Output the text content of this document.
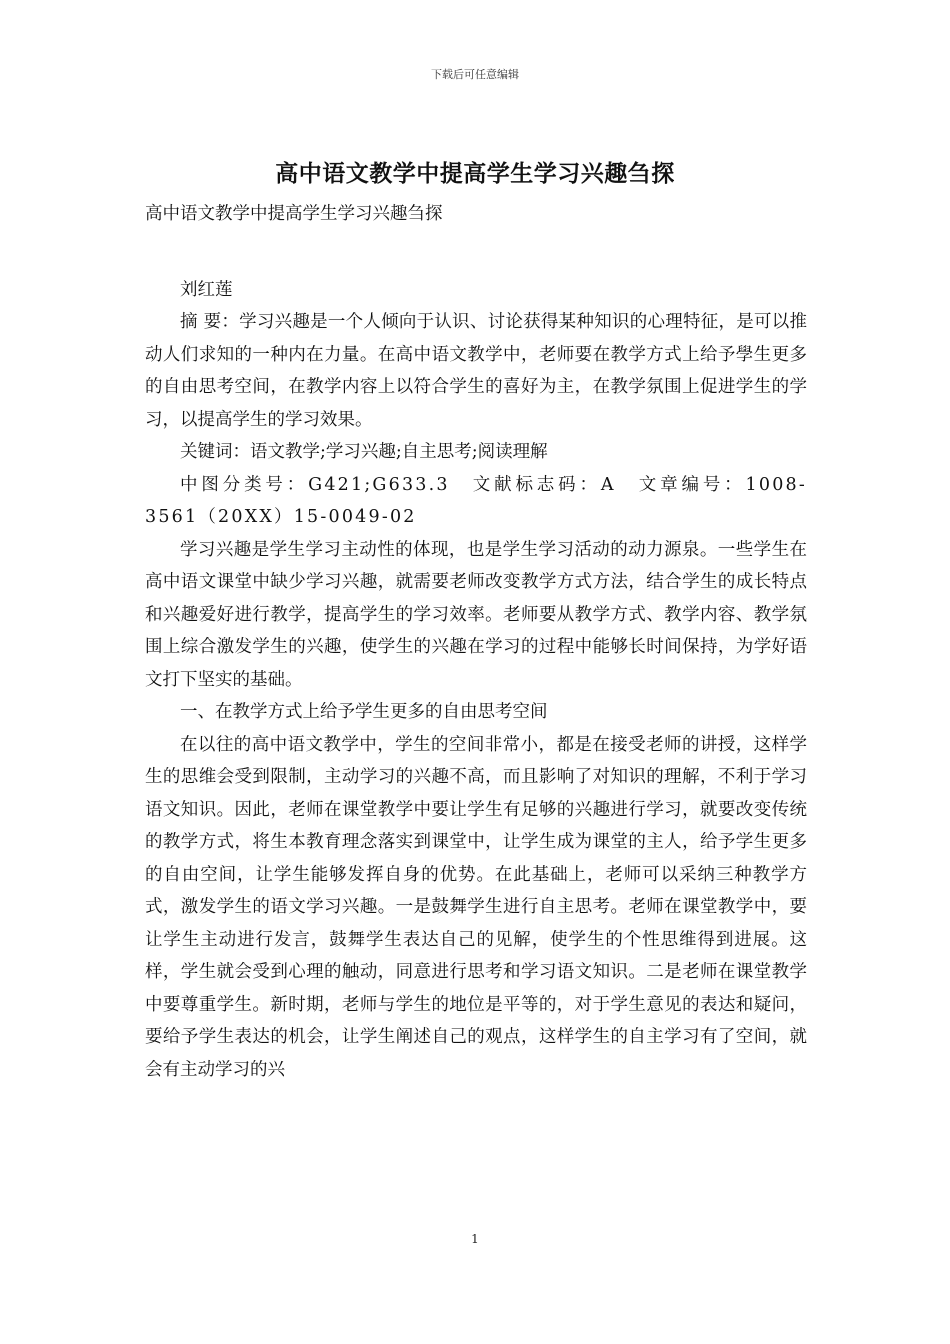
下载后可任意编辑
高中语文教学中提高学生学习兴趣刍探

高中语文教学中提高学生学习兴趣刍探

刘红莲

摘 要：学习兴趣是一个人倾向于认识、讨论获得某种知识的心理特征，是可以推动人们求知的一种内在力量。在高中语文教学中，老师要在教学方式上给予學生更多的自由思考空间，在教学内容上以符合学生的喜好为主，在教学氛围上促进学生的学习，以提高学生的学习效果。

关键词：语文教学;学习兴趣;自主思考;阅读理解

中图分类号：G421;G633.3　文献标志码：A　文章编号：1008-3561（20XX）15-0049-02

学习兴趣是学生学习主动性的体现，也是学生学习活动的动力源泉。一些学生在高中语文课堂中缺少学习兴趣，就需要老师改变教学方式方法，结合学生的成长特点和兴趣爱好进行教学，提高学生的学习效率。老师要从教学方式、教学内容、教学氛围上综合激发学生的兴趣，使学生的兴趣在学习的过程中能够长时间保持，为学好语文打下坚实的基础。

一、在教学方式上给予学生更多的自由思考空间

在以往的高中语文教学中，学生的空间非常小，都是在接受老师的讲授，这样学生的思维会受到限制，主动学习的兴趣不高，而且影响了对知识的理解，不利于学习语文知识。因此，老师在课堂教学中要让学生有足够的兴趣进行学习，就要改变传统的教学方式，将生本教育理念落实到课堂中，让学生成为课堂的主人，给予学生更多的自由空间，让学生能够发挥自身的优势。在此基础上，老师可以采纳三种教学方式，激发学生的语文学习兴趣。一是鼓舞学生进行自主思考。老师在课堂教学中，要让学生主动进行发言，鼓舞学生表达自己的见解，使学生的个性思维得到进展。这样，学生就会受到心理的触动，同意进行思考和学习语文知识。二是老师在课堂教学中要尊重学生。新时期，老师与学生的地位是平等的，对于学生意见的表达和疑问，要给予学生表达的机会，让学生阐述自己的观点，这样学生的自主学习有了空间，就会有主动学习的兴

1
